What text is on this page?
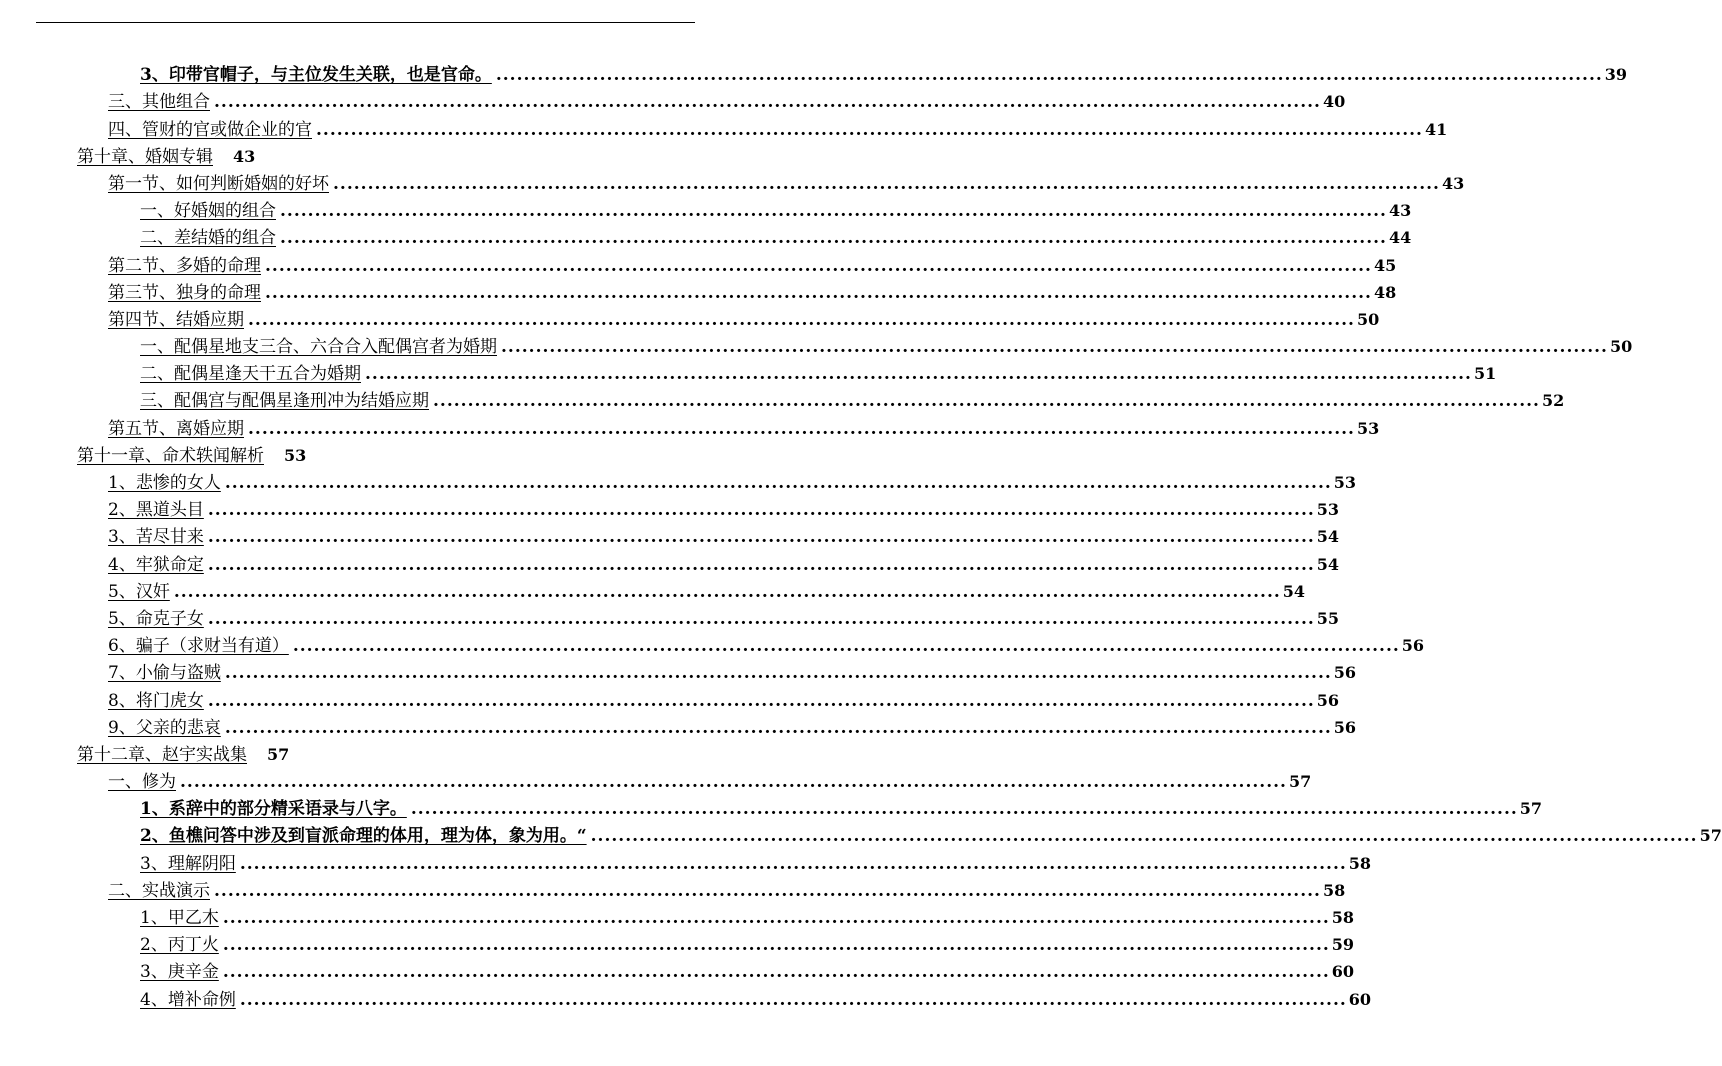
3、印带官帽子，与主位发生关联，也是官命。 ................................................................................................................................................................ 39
三、其他组合 ................................................................................................................................................................ 40
四、管财的官或做企业的官 ................................................................................................................................................................ 41
第十章、婚姻专辑 43
第一节、如何判断婚姻的好坏 ................................................................................................................................................................ 43
一、好婚姻的组合 ................................................................................................................................................................ 43
二、差结婚的组合 ................................................................................................................................................................ 44
第二节、多婚的命理 ................................................................................................................................................................ 45
第三节、独身的命理 ................................................................................................................................................................ 48
第四节、结婚应期 ................................................................................................................................................................ 50
一、配偶星地支三合、六合合入配偶宫者为婚期 ................................................................................................................................................................ 50
二、配偶星逢天干五合为婚期 ................................................................................................................................................................ 51
三、配偶宫与配偶星逢刑冲为结婚应期 ................................................................................................................................................................ 52
第五节、离婚应期 ................................................................................................................................................................ 53
第十一章、命术轶闻解析 53
1、悲惨的女人 ................................................................................................................................................................ 53
2、黑道头目 ................................................................................................................................................................ 53
3、苦尽甘来 ................................................................................................................................................................ 54
4、牢狱命定 ................................................................................................................................................................ 54
5、汉奸 ................................................................................................................................................................ 54
5、命克子女 ................................................................................................................................................................ 55
6、骗子（求财当有道） ................................................................................................................................................................ 56
7、小偷与盗贼 ................................................................................................................................................................ 56
8、将门虎女 ................................................................................................................................................................ 56
9、父亲的悲哀 ................................................................................................................................................................ 56
第十二章、赵宇实战集 57
一、修为 ................................................................................................................................................................ 57
1、系辞中的部分精采语录与八字。 ................................................................................................................................................................ 57
2、鱼樵问答中涉及到盲派命理的体用，理为体，象为用。“ ................................................................................................................................................................ 57
3、理解阴阳 ................................................................................................................................................................ 58
二、实战演示 ................................................................................................................................................................ 58
1、甲乙木 ................................................................................................................................................................ 58
2、丙丁火 ................................................................................................................................................................ 59
3、庚辛金 ................................................................................................................................................................ 60
4、增补命例 ................................................................................................................................................................ 60
